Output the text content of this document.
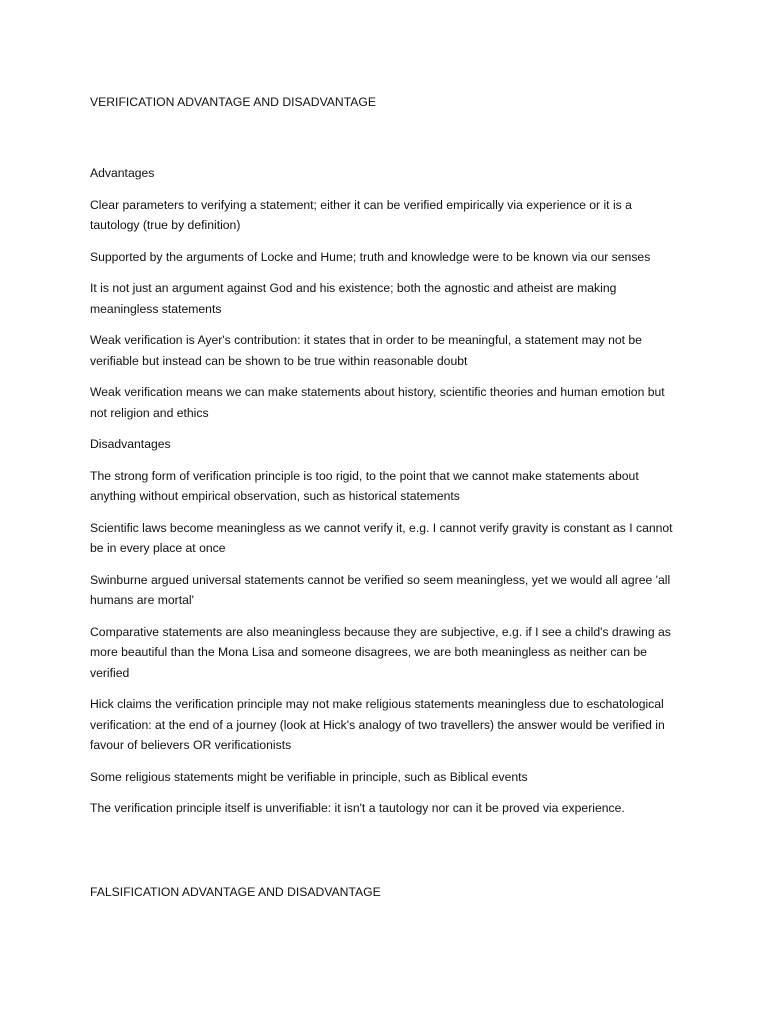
VERIFICATION ADVANTAGE AND DISADVANTAGE

Advantages

Clear parameters to verifying a statement; either it can be verified empirically via experience or it is a tautology (true by definition)

Supported by the arguments of Locke and Hume; truth and knowledge were to be known via our senses

It is not just an argument against God and his existence; both the agnostic and atheist are making meaningless statements

Weak verification is Ayer's contribution: it states that in order to be meaningful, a statement may not be verifiable but instead can be shown to be true within reasonable doubt

Weak verification means we can make statements about history, scientific theories and human emotion but not religion and ethics

Disadvantages

The strong form of verification principle is too rigid, to the point that we cannot make statements about anything without empirical observation, such as historical statements

Scientific laws become meaningless as we cannot verify it, e.g. I cannot verify gravity is constant as I cannot be in every place at once

Swinburne argued universal statements cannot be verified so seem meaningless, yet we would all agree 'all humans are mortal'

Comparative statements are also meaningless because they are subjective, e.g. if I see a child's drawing as more beautiful than the Mona Lisa and someone disagrees, we are both meaningless as neither can be verified

Hick claims the verification principle may not make religious statements meaningless due to eschatological verification: at the end of a journey (look at Hick's analogy of two travellers) the answer would be verified in favour of believers OR verificationists

Some religious statements might be verifiable in principle, such as Biblical events

The verification principle itself is unverifiable: it isn't a tautology nor can it be proved via experience.

FALSIFICATION ADVANTAGE AND DISADVANTAGE
